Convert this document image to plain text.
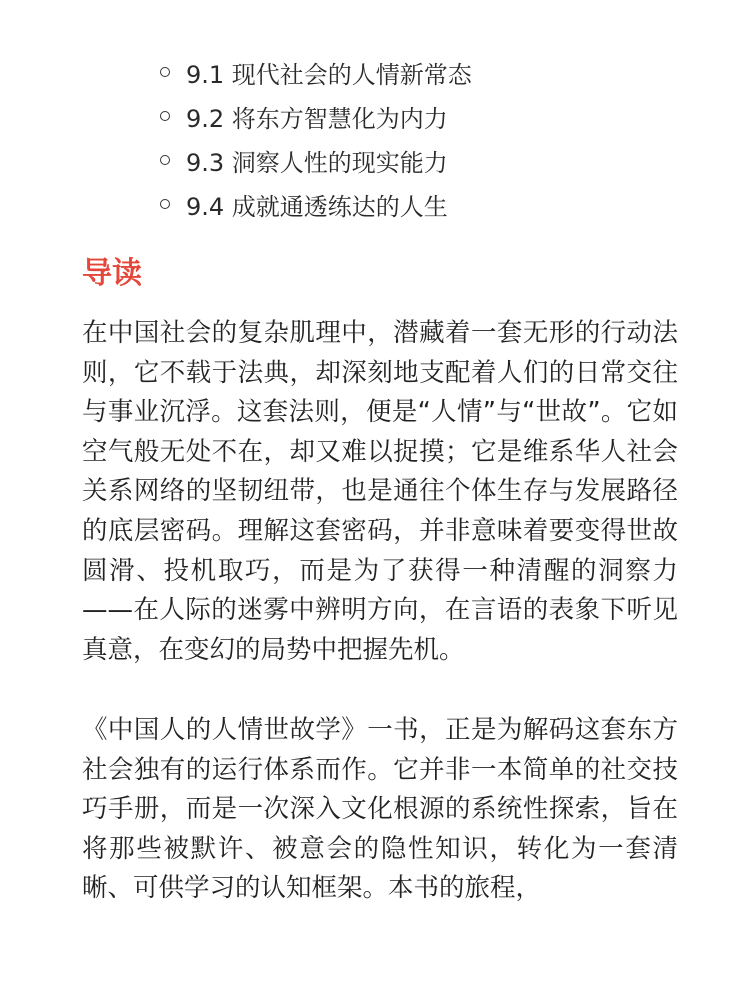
9.1 现代社会的人情新常态
9.2 将东方智慧化为内力
9.3 洞察人性的现实能力
9.4 成就通透练达的人生
导读

在中国社会的复杂肌理中，潜藏着一套无形的行动法则，它不载于法典，却深刻地支配着人们的日常交往与事业沉浮。这套法则，便是“人情”与“世故”。它如空气般无处不在，却又难以捉摸；它是维系华人社会关系网络的坚韧纽带，也是通往个体生存与发展路径的底层密码。理解这套密码，并非意味着要变得世故圆滑、投机取巧，而是为了获得一种清醒的洞察力——在人际的迷雾中辨明方向，在言语的表象下听见真意，在变幻的局势中把握先机。

《中国人的人情世故学》一书，正是为解码这套东方社会独有的运行体系而作。它并非一本简单的社交技巧手册，而是一次深入文化根源的系统性探索，旨在将那些被默许、被意会的隐性知识，转化为一套清晰、可供学习的认知框架。本书的旅程，
